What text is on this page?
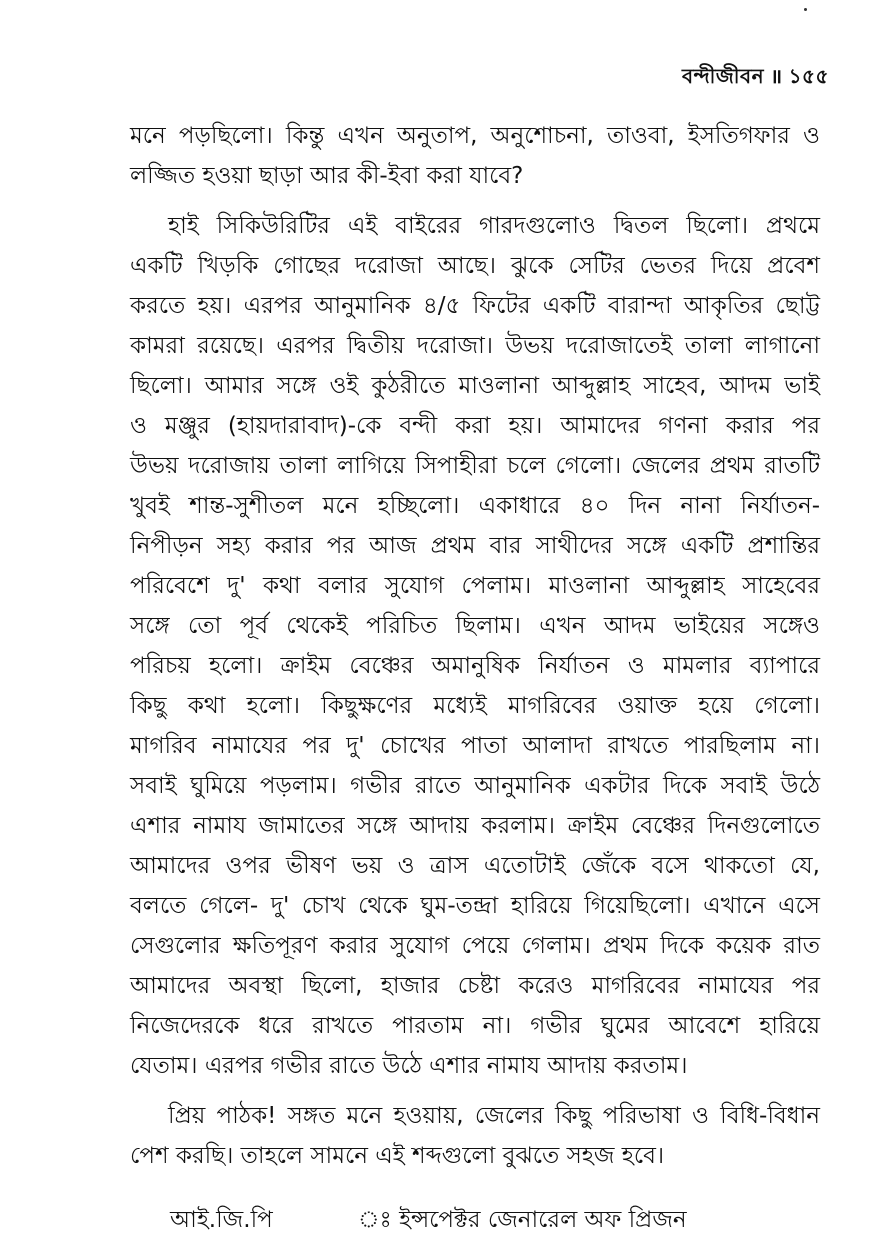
বন্দীজীবন ॥ ১৫৫
মনে পড়ছিলো। কিন্তু এখন অনুতাপ, অনুশোচনা, তাওবা, ইসতিগফার ও
লজ্জিত হওয়া ছাড়া আর কী-ইবা করা যাবে?
হাই সিকিউরিটির এই বাইরের গারদগুলোও দ্বিতল ছিলো। প্রথমে
একটি খিড়কি গোছের দরোজা আছে। ঝুকে সেটির ভেতর দিয়ে প্রবেশ
করতে হয়। এরপর আনুমানিক ৪/৫ ফিটের একটি বারান্দা আকৃতির ছোট্ট
কামরা রয়েছে। এরপর দ্বিতীয় দরোজা। উভয় দরোজাতেই তালা লাগানো
ছিলো। আমার সঙ্গে ওই কুঠরীতে মাওলানা আব্দুল্লাহ সাহেব, আদম ভাই
ও মঞ্জুর (হায়দারাবাদ)-কে বন্দী করা হয়। আমাদের গণনা করার পর
উভয় দরোজায় তালা লাগিয়ে সিপাহীরা চলে গেলো। জেলের প্রথম রাতটি
খুবই শান্ত-সুশীতল মনে হচ্ছিলো। একাধারে ৪০ দিন নানা নির্যাতন-
নিপীড়ন সহ্য করার পর আজ প্রথম বার সাথীদের সঙ্গে একটি প্রশান্তির
পরিবেশে দু' কথা বলার সুযোগ পেলাম। মাওলানা আব্দুল্লাহ সাহেবের
সঙ্গে তো পূর্ব থেকেই পরিচিত ছিলাম। এখন আদম ভাইয়ের সঙ্গেও
পরিচয় হলো। ক্রাইম বেঞ্চের অমানুষিক নির্যাতন ও মামলার ব্যাপারে
কিছু কথা হলো। কিছুক্ষণের মধ্যেই মাগরিবের ওয়াক্ত হয়ে গেলো।
মাগরিব নামাযের পর দু' চোখের পাতা আলাদা রাখতে পারছিলাম না।
সবাই ঘুমিয়ে পড়লাম। গভীর রাতে আনুমানিক একটার দিকে সবাই উঠে
এশার নামায জামাতের সঙ্গে আদায় করলাম। ক্রাইম বেঞ্চের দিনগুলোতে
আমাদের ওপর ভীষণ ভয় ও ত্রাস এতোটাই জেঁকে বসে থাকতো যে,
বলতে গেলে- দু' চোখ থেকে ঘুম-তন্দ্রা হারিয়ে গিয়েছিলো। এখানে এসে
সেগুলোর ক্ষতিপূরণ করার সুযোগ পেয়ে গেলাম। প্রথম দিকে কয়েক রাত
আমাদের অবস্থা ছিলো, হাজার চেষ্টা করেও মাগরিবের নামাযের পর
নিজেদেরকে ধরে রাখতে পারতাম না। গভীর ঘুমের আবেশে হারিয়ে
যেতাম। এরপর গভীর রাতে উঠে এশার নামায আদায় করতাম।
প্রিয় পাঠক! সঙ্গত মনে হওয়ায়, জেলের কিছু পরিভাষা ও বিধি-বিধান
পেশ করছি। তাহলে সামনে এই শব্দগুলো বুঝতে সহজ হবে।
আই.জি.পি	ঃ ইন্সপেক্টর জেনারেল অফ প্রিজন
